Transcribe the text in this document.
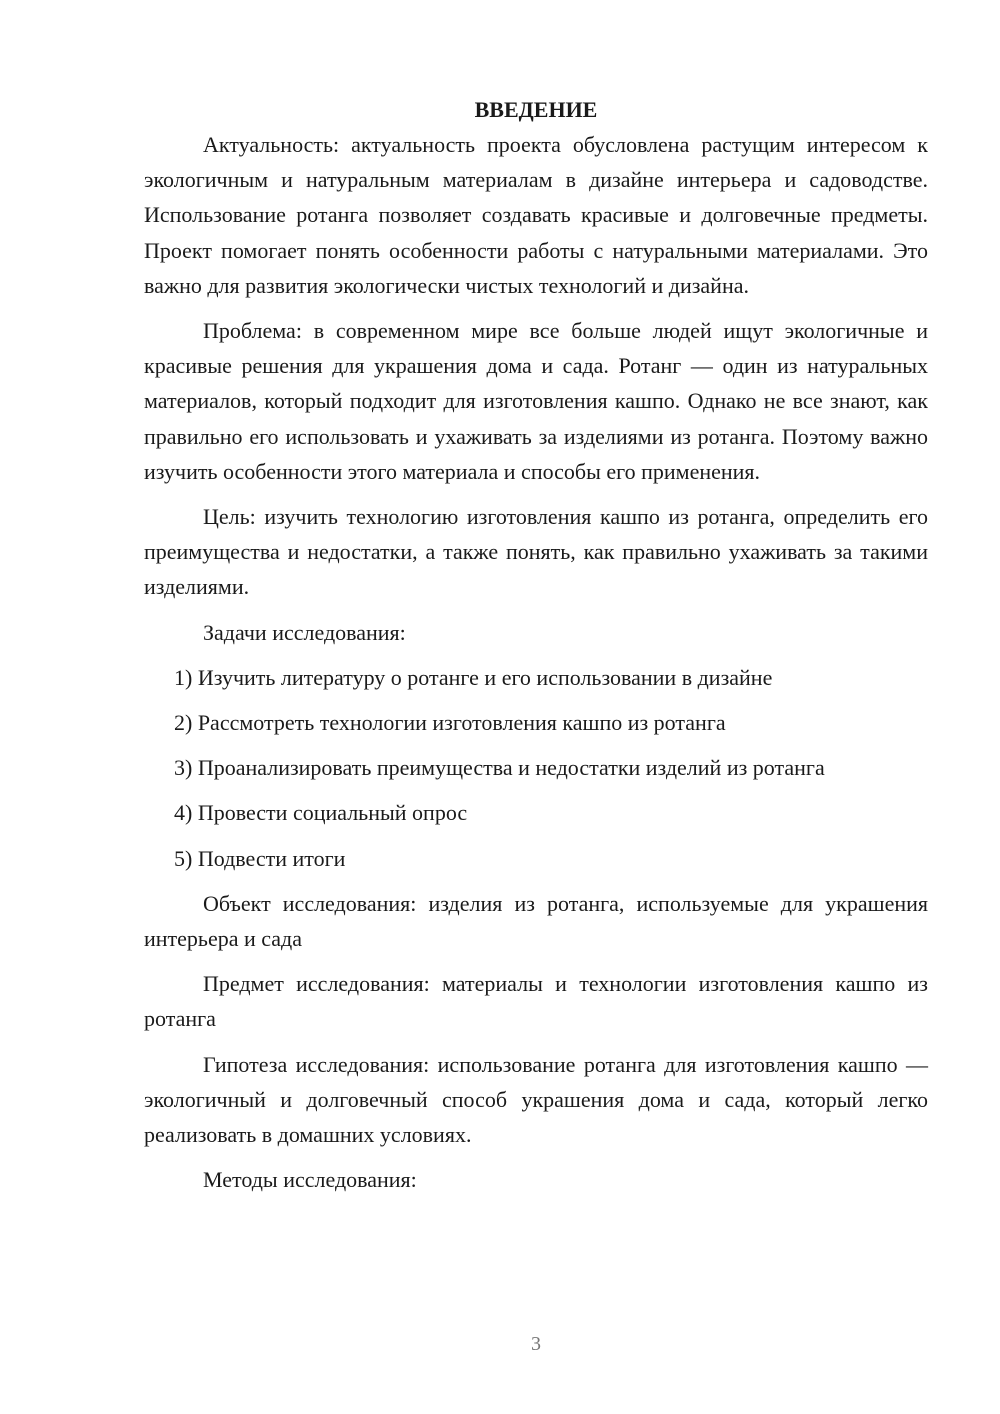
ВВЕДЕНИЕ

Актуальность: актуальность проекта обусловлена растущим интересом к экологичным и натуральным материалам в дизайне интерьера и садоводстве. Использование ротанга позволяет создавать красивые и долговечные предметы. Проект помогает понять особенности работы с натуральными материалами. Это важно для развития экологически чистых технологий и дизайна.

Проблема: в современном мире все больше людей ищут экологичные и красивые решения для украшения дома и сада. Ротанг — один из натуральных материалов, который подходит для изготовления кашпо. Однако не все знают, как правильно его использовать и ухаживать за изделиями из ротанга. Поэтому важно изучить особенности этого материала и способы его применения.

Цель: изучить технологию изготовления кашпо из ротанга, определить его преимущества и недостатки, а также понять, как правильно ухаживать за такими изделиями.

Задачи исследования:

1) Изучить литературу о ротанге и его использовании в дизайне
2) Рассмотреть технологии изготовления кашпо из ротанга
3) Проанализировать преимущества и недостатки изделий из ротанга
4) Провести социальный опрос
5) Подвести итоги

Объект исследования: изделия из ротанга, используемые для украшения интерьера и сада

Предмет исследования: материалы и технологии изготовления кашпо из ротанга

Гипотеза исследования: использование ротанга для изготовления кашпо — экологичный и долговечный способ украшения дома и сада, который легко реализовать в домашних условиях.

Методы исследования:

3
